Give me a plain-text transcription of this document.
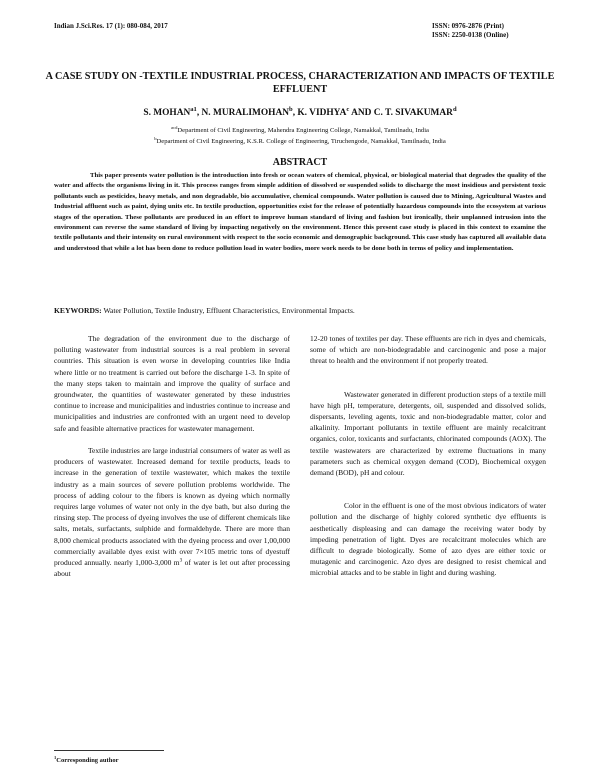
Indian J.Sci.Res. 17 (1): 080-084, 2017	ISSN: 0976-2876 (Print)
ISSN: 2250-0138 (Online)
A CASE STUDY ON -TEXTILE INDUSTRIAL PROCESS, CHARACTERIZATION AND IMPACTS OF TEXTILE EFFLUENT
S. $MOHAN^{a1}$, N. MURALIMOHAN$^b$, K. VIDHYA$^c$ AND C. T. SIVAKUMAR$^d$
$^{acd}$Department of Civil Engineering, Mahendra Engineering College, Namakkal, Tamilnadu, India
$^b$Department of Civil Engineering, K.S.R. College of Engineering, Tiruchengode, Namakkal, Tamilnadu, India
ABSTRACT
This paper presents water pollution is the introduction into fresh or ocean waters of chemical, physical, or biological material that degrades the quality of the water and affects the organisms living in it. This process ranges from simple addition of dissolved or suspended solids to discharge the most insidious and persistent toxic pollutants such as pesticides, heavy metals, and non degradable, bio accumulative, chemical compounds. Water pollution is caused due to Mining, Agricultural Wastes and Industrial affluent such as paint, dying units etc. In textile production, opportunities exist for the release of potentially hazardous compounds into the ecosystem at various stages of the operation. These pollutants are produced in an effort to improve human standard of living and fashion but ironically, their unplanned intrusion into the environment can reverse the same standard of living by impacting negatively on the environment. Hence this present case study is placed in this context to examine the textile pollutants and their intensity on rural environment with respect to the socio economic and demographic background. This case study has captured all available data and understood that while a lot has been done to reduce pollution load in water bodies, more work needs to be done both in terms of policy and implementation.
KEYWORDS: Water Pollution, Textile Industry, Effluent Characteristics, Environmental Impacts.

The degradation of the environment due to the discharge of polluting wastewater from industrial sources is a real problem in several countries. This situation is even worse in developing countries like India where little or no treatment is carried out before the discharge 1-3. In spite of the many steps taken to maintain and improve the quality of surface and groundwater, the quantities of wastewater generated by these industries continue to increase and municipalities and industries continue to increase and municipalities and industries are confronted with an urgent need to develop safe and feasible alternative practices for wastewater management.

Textile industries are large industrial consumers of water as well as producers of wastewater. Increased demand for textile products, leads to increase in the generation of textile wastewater, which makes the textile industry as a main sources of severe pollution problems worldwide. The process of adding colour to the fibers is known as dyeing which normally requires large volumes of water not only in the dye bath, but also during the rinsing step. The process of dyeing involves the use of different chemicals like salts, metals, surfactants, sulphide and formaldehyde. There are more than 8,000 chemical products associated with the dyeing process and over 1,00,000 commercially available dyes exist with over 7×105 metric tons of dyestuff produced annually. nearly 1,000-3,000 $m^3$ of water is let out after processing about

12-20 tones of textiles per day. These effluents are rich in dyes and chemicals, some of which are non-biodegradable and carcinogenic and pose a major threat to health and the environment if not properly treated.

Wastewater generated in different production steps of a textile mill have high pH, temperature, detergents, oil, suspended and dissolved solids, dispersants, leveling agents, toxic and non-biodegradable matter, color and alkalinity. Important pollutants in textile effluent are mainly recalcitrant organics, color, toxicants and surfactants, chlorinated compounds (AOX). The textile wastewaters are characterized by extreme fluctuations in many parameters such as chemical oxygen demand (COD), Biochemical oxygen demand (BOD), pH and colour.

Color in the effluent is one of the most obvious indicators of water pollution and the discharge of highly colored synthetic dye effluents is aesthetically displeasing and can damage the receiving water body by impeding penetration of light. Dyes are recalcitrant molecules which are difficult to degrade biologically. Some of azo dyes are either toxic or mutagenic and carcinogenic. Azo dyes are designed to resist chemical and microbial attacks and to be stable in light and during washing.

$^1$Corresponding author
